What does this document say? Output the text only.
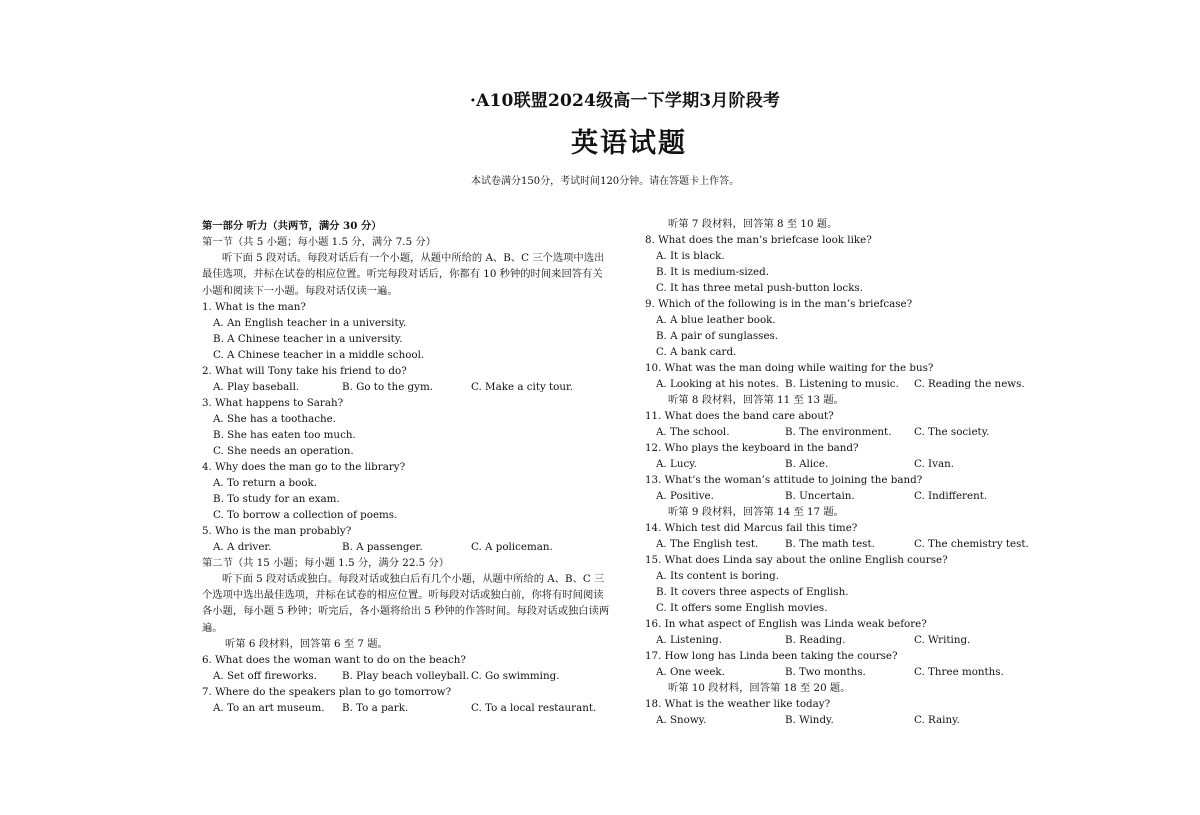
·A10联盟2024级高一下学期3月阶段考
英语试题
本试卷满分150分，考试时间120分钟。请在答题卡上作答。
第一部分 听力（共两节，满分 30 分）
第一节（共 5 小题；每小题 1.5 分，满分 7.5 分）
听下面 5 段对话。每段对话后有一个小题，从题中所给的 A、B、C 三个选项中选出最佳选项，并标在试卷的相应位置。听完每段对话后，你都有 10 秒钟的时间来回答有关小题和阅读下一小题。每段对话仅读一遍。
1. What is the man?
A. An English teacher in a university.
B. A Chinese teacher in a university.
C. A Chinese teacher in a middle school.
2. What will Tony take his friend to do?
A. Play baseball.	B. Go to the gym.	C. Make a city tour.
3. What happens to Sarah?
A. She has a toothache.
B. She has eaten too much.
C. She needs an operation.
4. Why does the man go to the library?
A. To return a book.
B. To study for an exam.
C. To borrow a collection of poems.
5. Who is the man probably?
A. A driver.	B. A passenger.	C. A policeman.
第二节（共 15 小题；每小题 1.5 分，满分 22.5 分）
听下面 5 段对话或独白。每段对话或独白后有几个小题，从题中所给的 A、B、C 三个选项中选出最佳选项，并标在试卷的相应位置。听每段对话或独白前，你将有时间阅读各小题，每小题 5 秒钟；听完后，各小题将给出 5 秒钟的作答时间。每段对话或独白读两遍。
听第 6 段材料，回答第 6 至 7 题。
6. What does the woman want to do on the beach?
A. Set off fireworks.	B. Play beach volleyball. C. Go swimming.
7. Where do the speakers plan to go tomorrow?
A. To an art museum.	B. To a park.	C. To a local restaurant.
听第 7 段材料，回答第 8 至 10 题。
8. What does the man’s briefcase look like?
A. It is black.
B. It is medium-sized.
C. It has three metal push-button locks.
9. Which of the following is in the man’s briefcase?
A. A blue leather book.
B. A pair of sunglasses.
C. A bank card.
10. What was the man doing while waiting for the bus?
A. Looking at his notes. B. Listening to music.	C. Reading the news.
听第 8 段材料，回答第 11 至 13 题。
11. What does the band care about?
A. The school.	B. The environment.	C. The society.
12. Who plays the keyboard in the band?
A. Lucy.	B. Alice.	C. Ivan.
13. What’s the woman’s attitude to joining the band?
A. Positive.	B. Uncertain.	C. Indifferent.
听第 9 段材料，回答第 14 至 17 题。
14. Which test did Marcus fail this time?
A. The English test.	B. The math test.	C. The chemistry test.
15. What does Linda say about the online English course?
A. Its content is boring.
B. It covers three aspects of English.
C. It offers some English movies.
16. In what aspect of English was Linda weak before?
A. Listening.	B. Reading.	C. Writing.
17. How long has Linda been taking the course?
A. One week.	B. Two months.	C. Three months.
听第 10 段材料，回答第 18 至 20 题。
18. What is the weather like today?
A. Snowy.	B. Windy.	C. Rainy.
